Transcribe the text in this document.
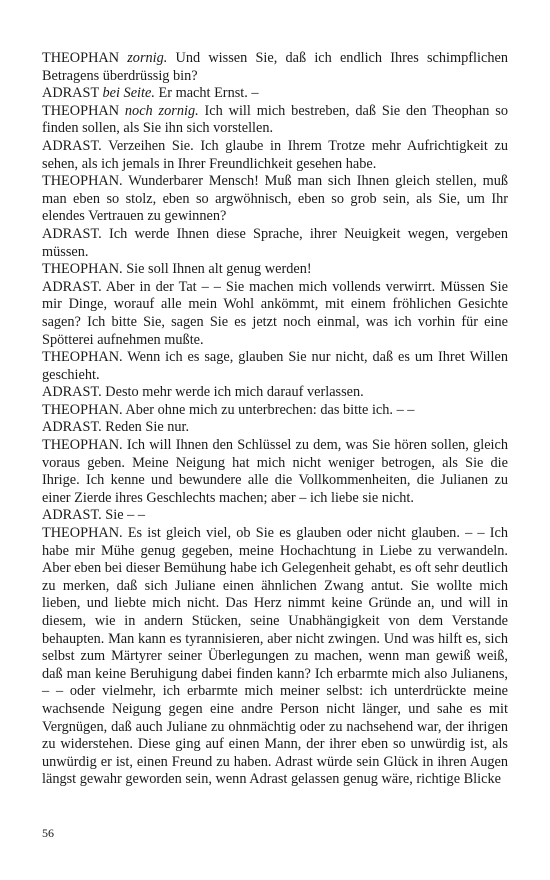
THEOPHAN zornig. Und wissen Sie, daß ich endlich Ihres schimpflichen Betragens überdrüssig bin?

ADRAST bei Seite. Er macht Ernst. –

THEOPHAN noch zornig. Ich will mich bestreben, daß Sie den Theophan so finden sollen, als Sie ihn sich vorstellen.

ADRAST. Verzeihen Sie. Ich glaube in Ihrem Trotze mehr Aufrichtigkeit zu sehen, als ich jemals in Ihrer Freundlichkeit gesehen habe.

THEOPHAN. Wunderbarer Mensch! Muß man sich Ihnen gleich stellen, muß man eben so stolz, eben so argwöhnisch, eben so grob sein, als Sie, um Ihr elendes Vertrauen zu gewinnen?

ADRAST. Ich werde Ihnen diese Sprache, ihrer Neuigkeit wegen, vergeben müssen.

THEOPHAN. Sie soll Ihnen alt genug werden!

ADRAST. Aber in der Tat – – Sie machen mich vollends verwirrt. Müssen Sie mir Dinge, worauf alle mein Wohl ankömmt, mit einem fröhlichen Gesichte sagen? Ich bitte Sie, sagen Sie es jetzt noch einmal, was ich vorhin für eine Spötterei aufnehmen mußte.

THEOPHAN. Wenn ich es sage, glauben Sie nur nicht, daß es um Ihret Willen geschieht.

ADRAST. Desto mehr werde ich mich darauf verlassen.

THEOPHAN. Aber ohne mich zu unterbrechen: das bitte ich. – –

ADRAST. Reden Sie nur.

THEOPHAN. Ich will Ihnen den Schlüssel zu dem, was Sie hören sollen, gleich voraus geben. Meine Neigung hat mich nicht weniger betrogen, als Sie die Ihrige. Ich kenne und bewundere alle die Vollkommenheiten, die Julianen zu einer Zierde ihres Geschlechts machen; aber – ich liebe sie nicht.

ADRAST. Sie – –

THEOPHAN. Es ist gleich viel, ob Sie es glauben oder nicht glauben. – – Ich habe mir Mühe genug gegeben, meine Hochachtung in Liebe zu verwandeln. Aber eben bei dieser Bemühung habe ich Gelegenheit gehabt, es oft sehr deutlich zu merken, daß sich Juliane einen ähnlichen Zwang antut. Sie wollte mich lieben, und liebte mich nicht. Das Herz nimmt keine Gründe an, und will in diesem, wie in andern Stücken, seine Unabhängigkeit von dem Verstande behaupten. Man kann es tyrannisieren, aber nicht zwingen. Und was hilft es, sich selbst zum Märtyrer seiner Überlegungen zu machen, wenn man gewiß weiß, daß man keine Beruhigung dabei finden kann? Ich erbarmte mich also Julianens, – – oder vielmehr, ich erbarmte mich meiner selbst: ich unterdrückte meine wachsende Neigung gegen eine andre Person nicht länger, und sahe es mit Vergnügen, daß auch Juliane zu ohnmächtig oder zu nachsehend war, der ihrigen zu widerstehen. Diese ging auf einen Mann, der ihrer eben so unwürdig ist, als unwürdig er ist, einen Freund zu haben. Adrast würde sein Glück in ihren Augen längst gewahr geworden sein, wenn Adrast gelassen genug wäre, richtige Blicke

56
